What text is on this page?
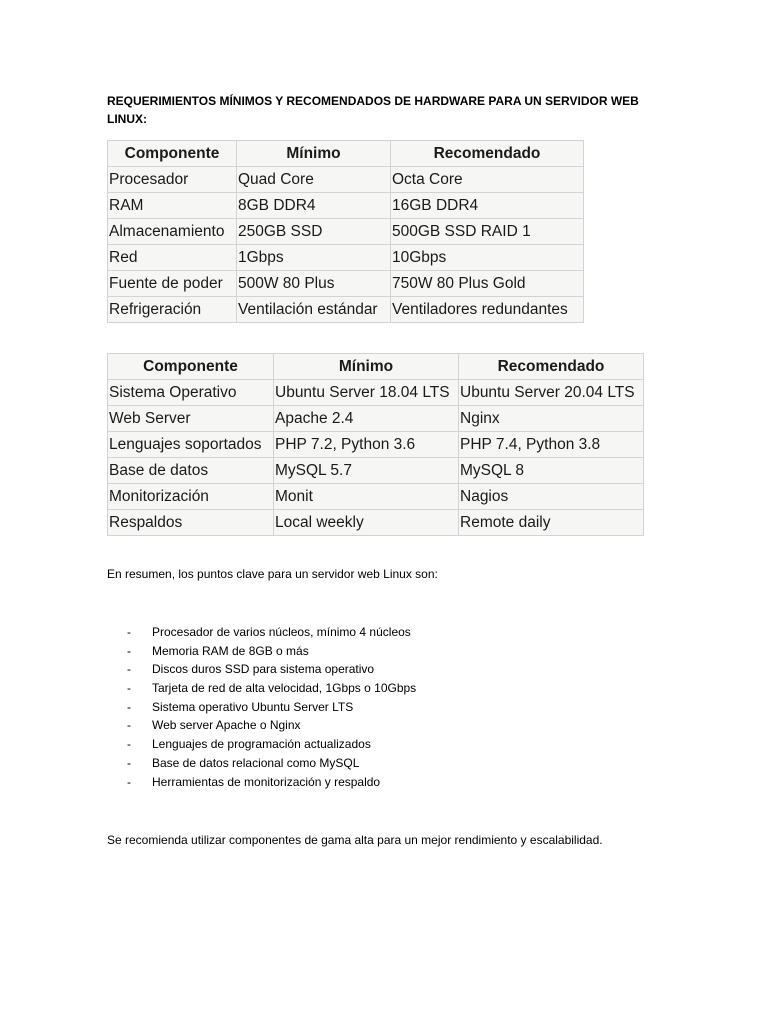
REQUERIMIENTOS MÍNIMOS Y RECOMENDADOS DE HARDWARE PARA UN SERVIDOR WEB LINUX:
Componente	Mínimo	Recomendado
Procesador	Quad Core	Octa Core
RAM	8GB DDR4	16GB DDR4
Almacenamiento	250GB SSD	500GB SSD RAID 1
Red	1Gbps	10Gbps
Fuente de poder	500W 80 Plus	750W 80 Plus Gold
Refrigeración	Ventilación estándar	Ventiladores redundantes
Componente	Mínimo	Recomendado
Sistema Operativo	Ubuntu Server 18.04 LTS	Ubuntu Server 20.04 LTS
Web Server	Apache 2.4	Nginx
Lenguajes soportados	PHP 7.2, Python 3.6	PHP 7.4, Python 3.8
Base de datos	MySQL 5.7	MySQL 8
Monitorización	Monit	Nagios
Respaldos	Local weekly	Remote daily
En resumen, los puntos clave para un servidor web Linux son:
-	Procesador de varios núcleos, mínimo 4 núcleos
-	Memoria RAM de 8GB o más
-	Discos duros SSD para sistema operativo
-	Tarjeta de red de alta velocidad, 1Gbps o 10Gbps
-	Sistema operativo Ubuntu Server LTS
-	Web server Apache o Nginx
-	Lenguajes de programación actualizados
-	Base de datos relacional como MySQL
-	Herramientas de monitorización y respaldo
Se recomienda utilizar componentes de gama alta para un mejor rendimiento y escalabilidad.
